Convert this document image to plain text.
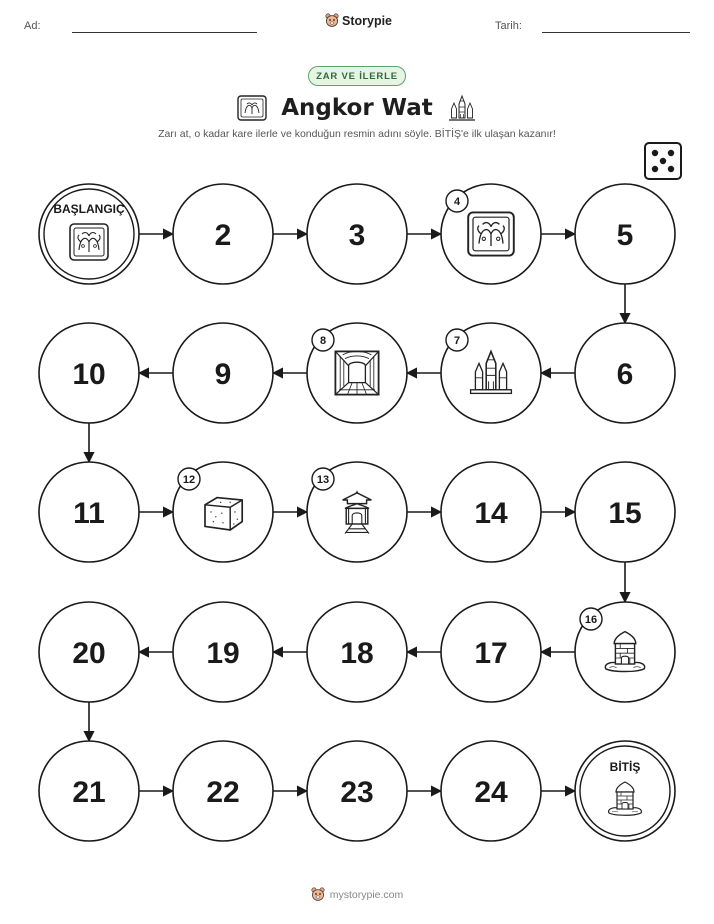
Ad:	Storypie	Tarih:
ZAR VE İLERLE
Angkor Wat
Zarı at, o kadar kare ilerle ve konduğun resmin adını söyle. BİTİŞ'e ilk ulaşan kazanır!
BAŞLANGIÇ
2	3
4
5
6
7
8
9
10
11
12	13
14	15
16
17
18
19
20
21	22	23	24
BİTİŞ
mystorypie.com
